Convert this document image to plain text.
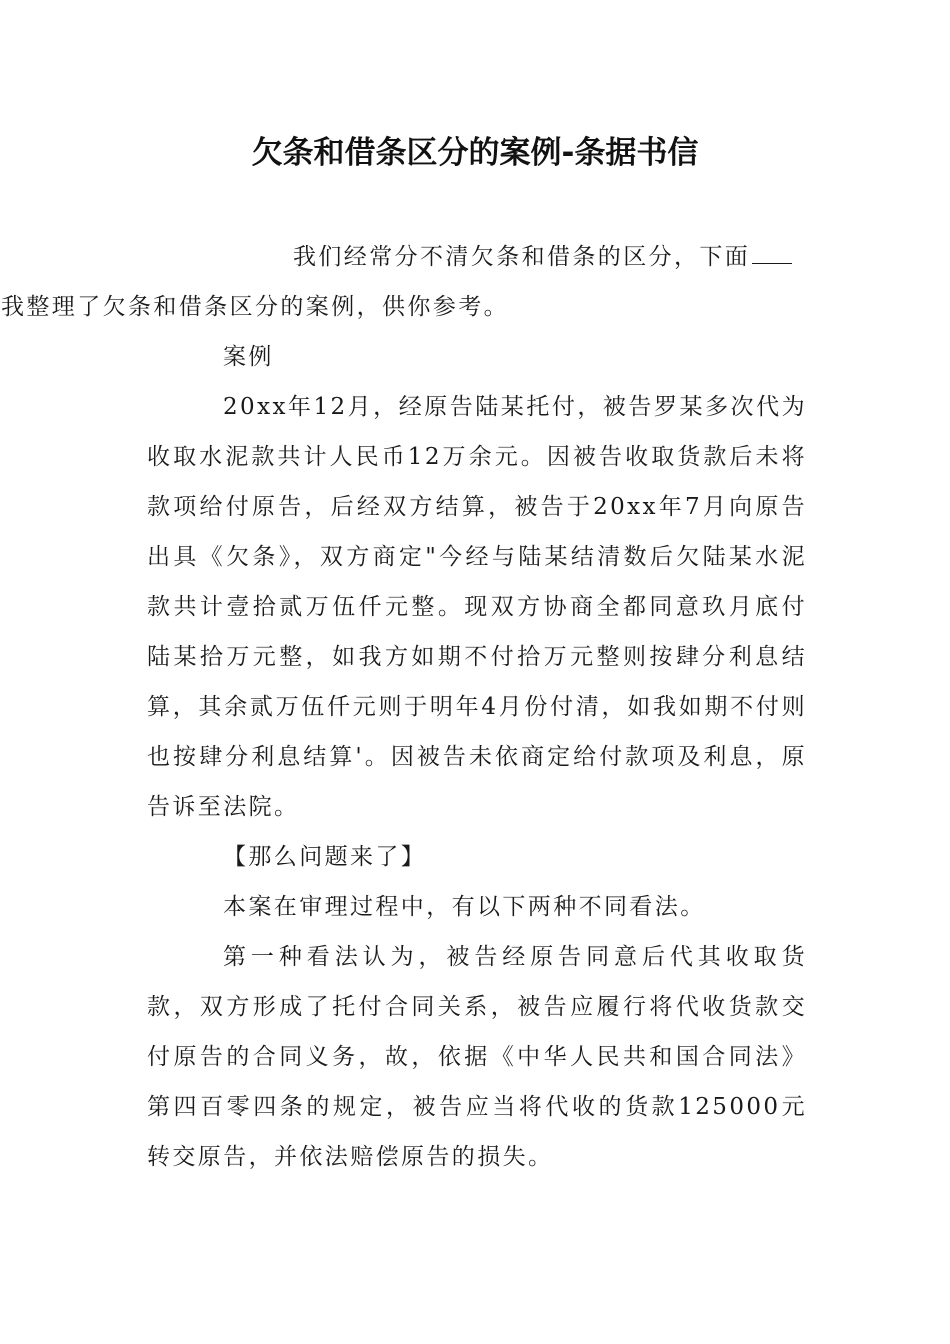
欠条和借条区分的案例-条据书信

我们经常分不清欠条和借条的区分，下面
我整理了欠条和借条区分的案例，供你参考。

案例

20xx年12月，经原告陆某托付，被告罗某多次代为收取水泥款共计人民币12万余元。因被告收取货款后未将款项给付原告，后经双方结算，被告于20xx年7月向原告出具《欠条》，双方商定"今经与陆某结清数后欠陆某水泥款共计壹拾贰万伍仟元整。现双方协商全都同意玖月底付陆某拾万元整，如我方如期不付拾万元整则按肆分利息结算，其余贰万伍仟元则于明年4月份付清，如我如期不付则也按肆分利息结算'。因被告未依商定给付款项及利息，原告诉至法院。

【那么问题来了】

本案在审理过程中，有以下两种不同看法。

第一种看法认为，被告经原告同意后代其收取货款，双方形成了托付合同关系，被告应履行将代收货款交付原告的合同义务，故，依据《中华人民共和国合同法》第四百零四条的规定，被告应当将代收的货款125000元转交原告，并依法赔偿原告的损失。
